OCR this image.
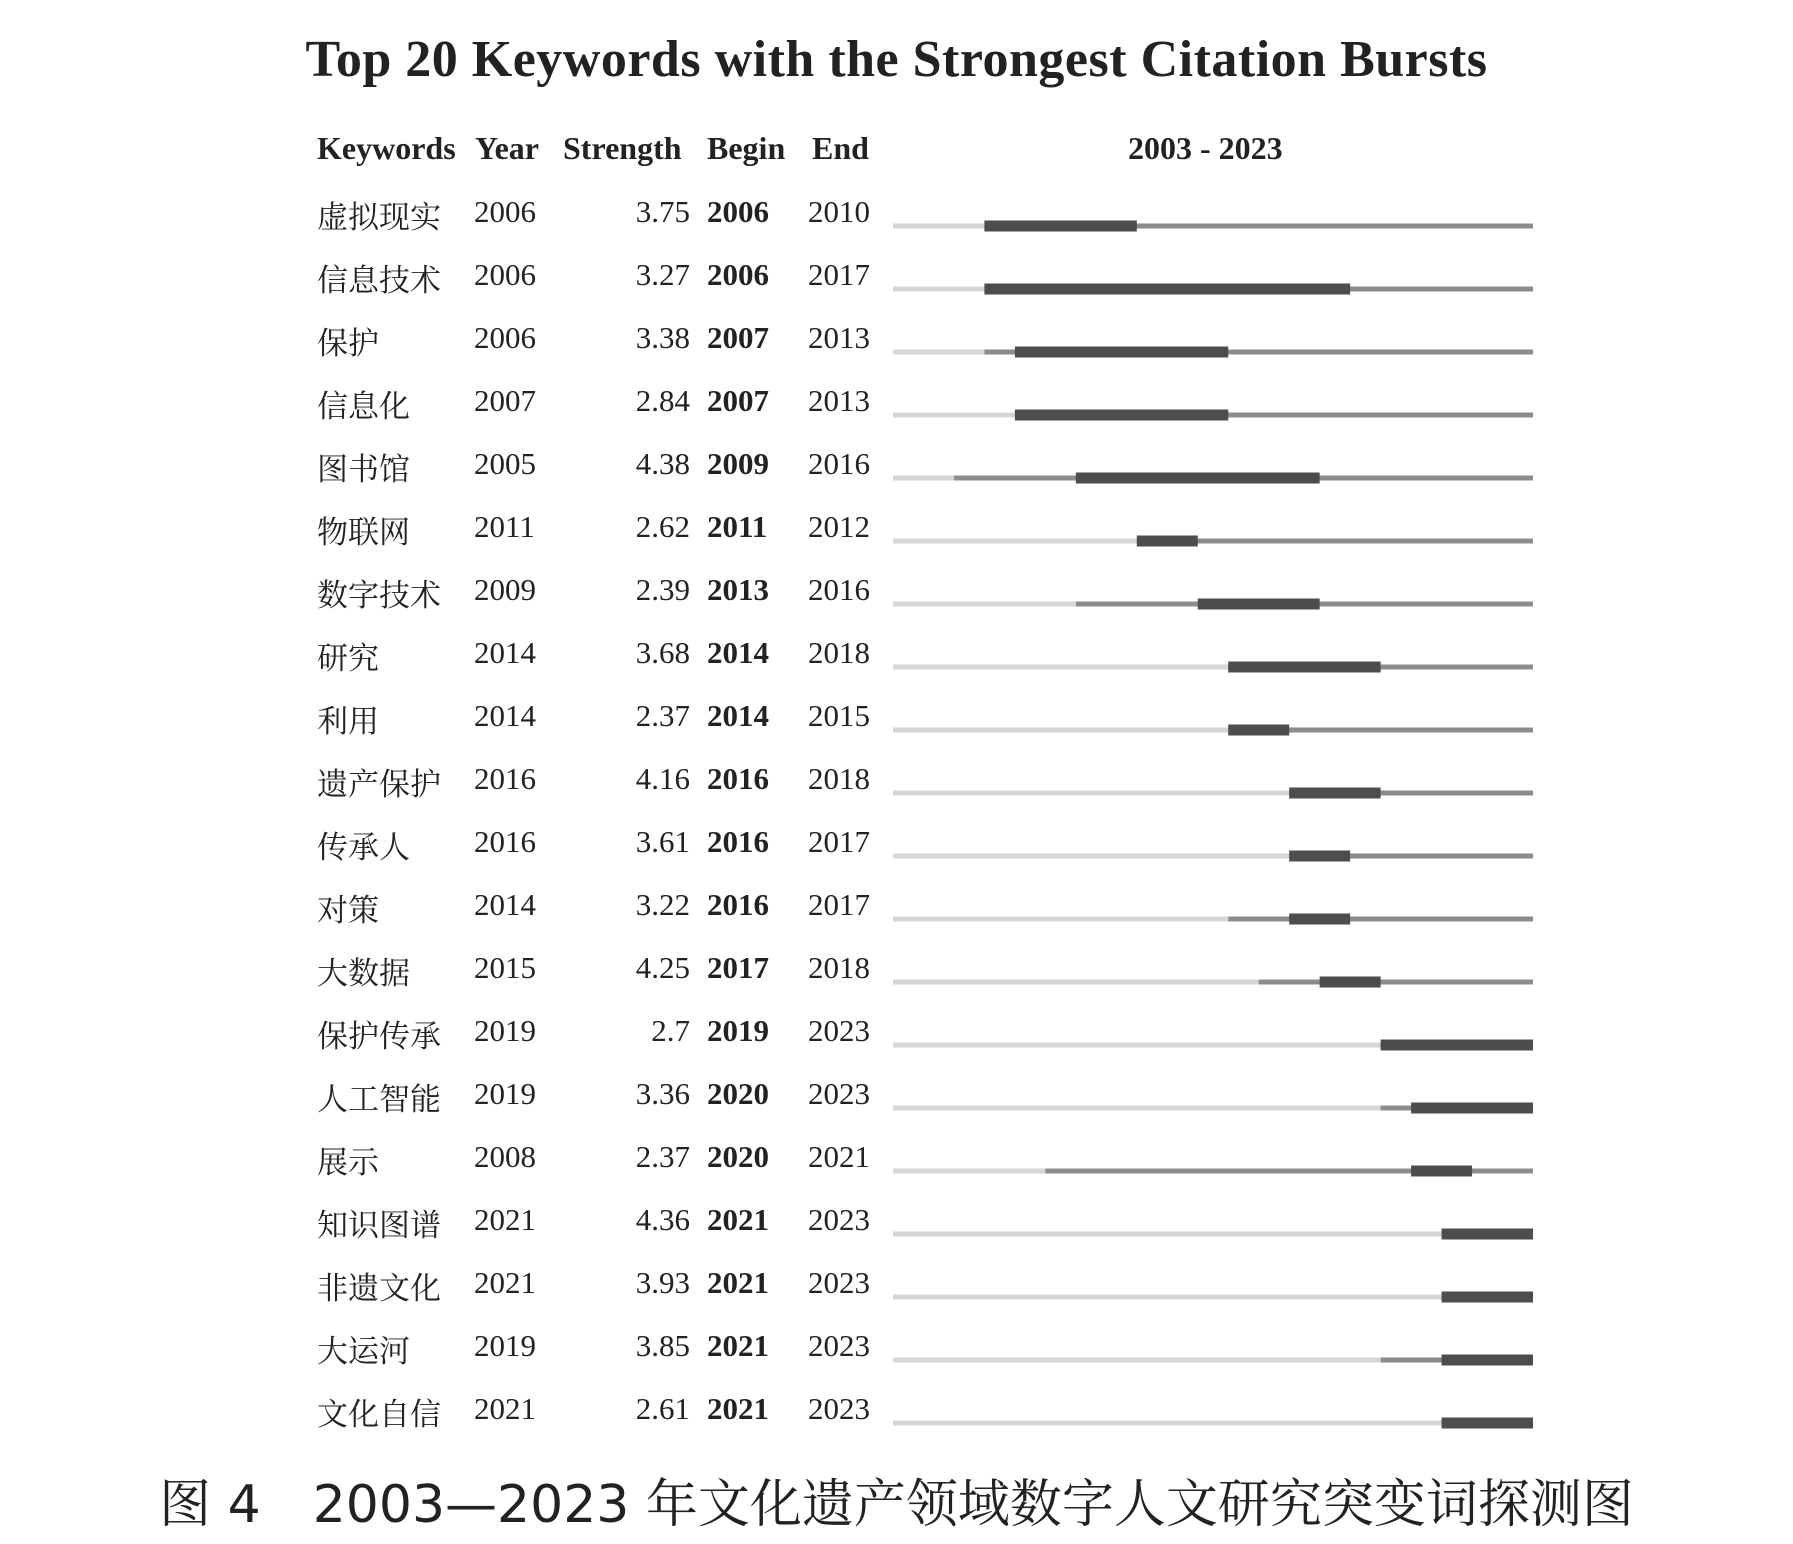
Top 20 Keywords with the Strongest Citation Bursts
Keywords Year Strength Begin End	2003 - 2023
虚拟现实 2006	3.75 2006 2010
信息技术 2006	3.27 2006 2017
保护	2006	3.38 2007 2013
信息化 2007	2.84 2007 2013
图书馆 2005	4.38 2009 2016
物联网 2011	2.62 2011 2012
数字技术 2009	2.39 2013 2016
研究	2014	3.68 2014 2018
利用	2014	2.37 2014 2015
遗产保护 2016	4.16 2016 2018
传承人 2016	3.61 2016 2017
对策	2014	3.22 2016 2017
大数据 2015	4.25 2017 2018
保护传承 2019	2.7 2019 2023
人工智能 2019	3.36 2020 2023
展示	2008	2.37 2020 2021
知识图谱 2021	4.36 2021 2023
非遗文化 2021	3.93 2021 2023
大运河 2019	3.85 2021 2023
文化自信 2021	2.61 2021 2023
图 4　2003—2023 年文化遗产领域数字人文研究突变词探测图
